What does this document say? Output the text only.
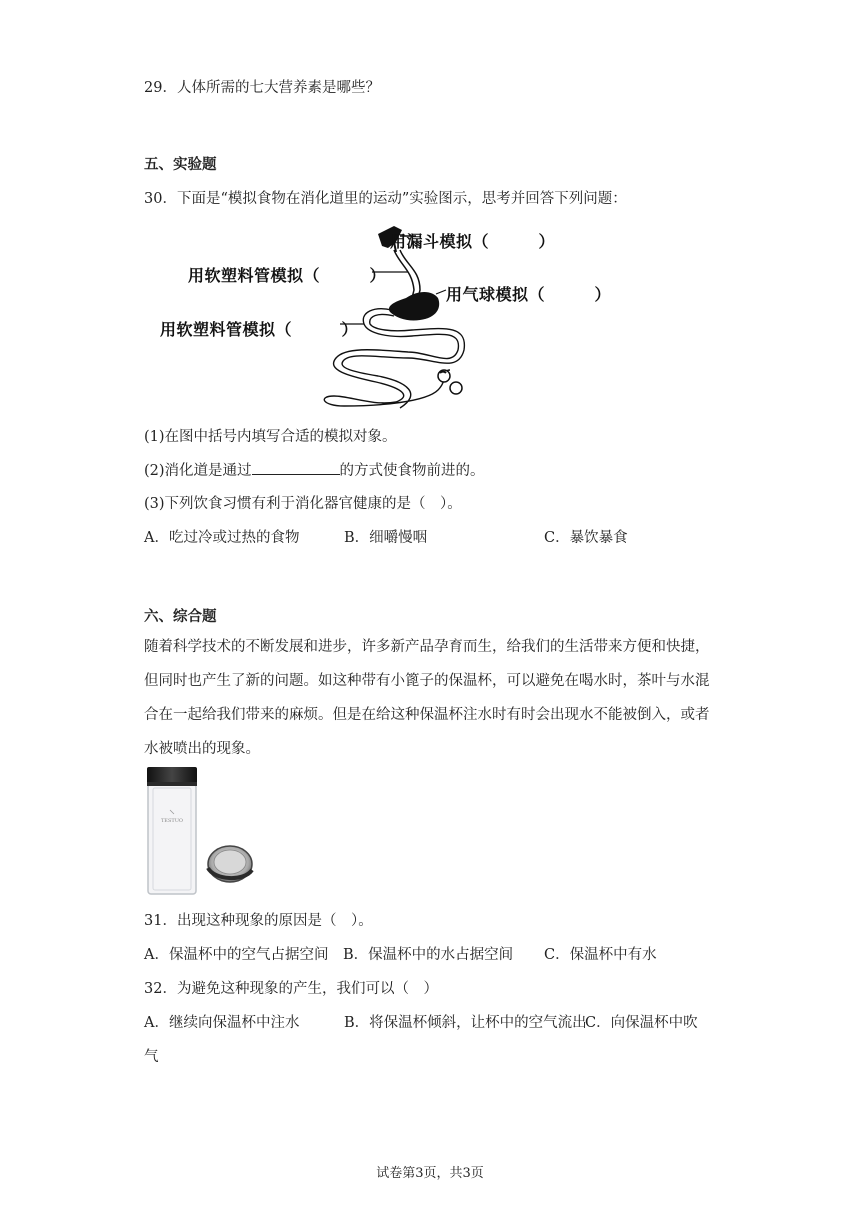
29．人体所需的七大营养素是哪些？
五、实验题
30．下面是“模拟食物在消化道里的运动”实验图示，思考并回答下列问题：
用漏斗模拟（　　　）
用软塑料管模拟（　　　）
用气球模拟（　　　）
用软塑料管模拟（　　　）
(1)在图中括号内填写合适的模拟对象。
(2)消化道是通过	的方式使食物前进的。
(3)下列饮食习惯有利于消化器官健康的是（　）。
A．吃过冷或过热的食物	B．细嚼慢咽	C．暴饮暴食
六、综合题
随着科学技术的不断发展和进步，许多新产品孕育而生，给我们的生活带来方便和快捷，但同时也产生了新的问题。如这种带有小篦子的保温杯，可以避免在喝水时，茶叶与水混合在一起给我们带来的麻烦。但是在给这种保温杯注水时有时会出现水不能被倒入，或者水被喷出的现象。
TESTUO
31．出现这种现象的原因是（　）。
A．保温杯中的空气占据空间 B．保温杯中的水占据空间 C．保温杯中有水
32．为避免这种现象的产生，我们可以（　）
A．继续向保温杯中注水	B．将保温杯倾斜，让杯中的空气流出
C．向保温杯中吹
气
试卷第3页，共3页
